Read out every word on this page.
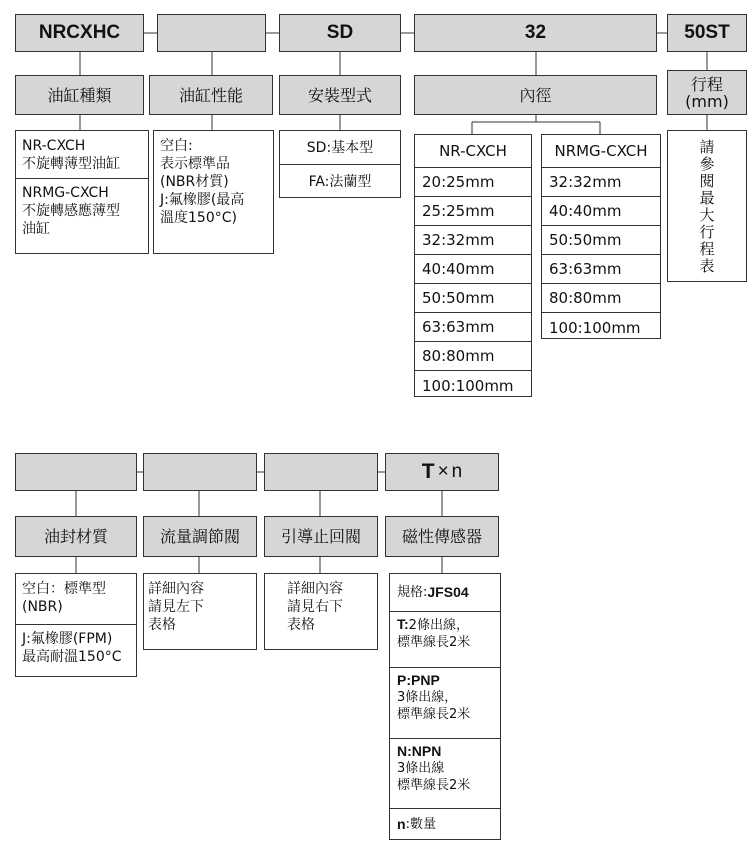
NRCXHC	SD	32	50ST
油缸種類	油缸性能	安裝型式	內徑
行程
(mm)
NR-CXCH
不旋轉薄型油缸
NRMG-CXCH
不旋轉感應薄型
油缸
空白:
表示標準品
(NBR材質)
J:氟橡膠(最高
溫度150°C)
SD:基本型
FA:法蘭型
NR-CXCH
20:25mm
25:25mm
32:32mm
40:40mm
50:50mm
63:63mm
80:80mm
100:100mm
NRMG-CXCH
32:32mm
40:40mm
50:50mm
63:63mm
80:80mm
100:100mm
請
參
閱
最
大
行
程
表
T × n
油封材質	流量調節閥	引導止回閥	磁性傳感器
空白：標準型
(NBR)
J:氟橡膠(FPM)
最高耐溫150°C
詳細內容
請見左下
表格
詳細內容
請見右下
表格
規格: JFS04
T:2條出線，
標準線長2米
P:PNP
3條出線，
標準線長2米
N:NPN
3條出線
標準線長2米
n :數量
